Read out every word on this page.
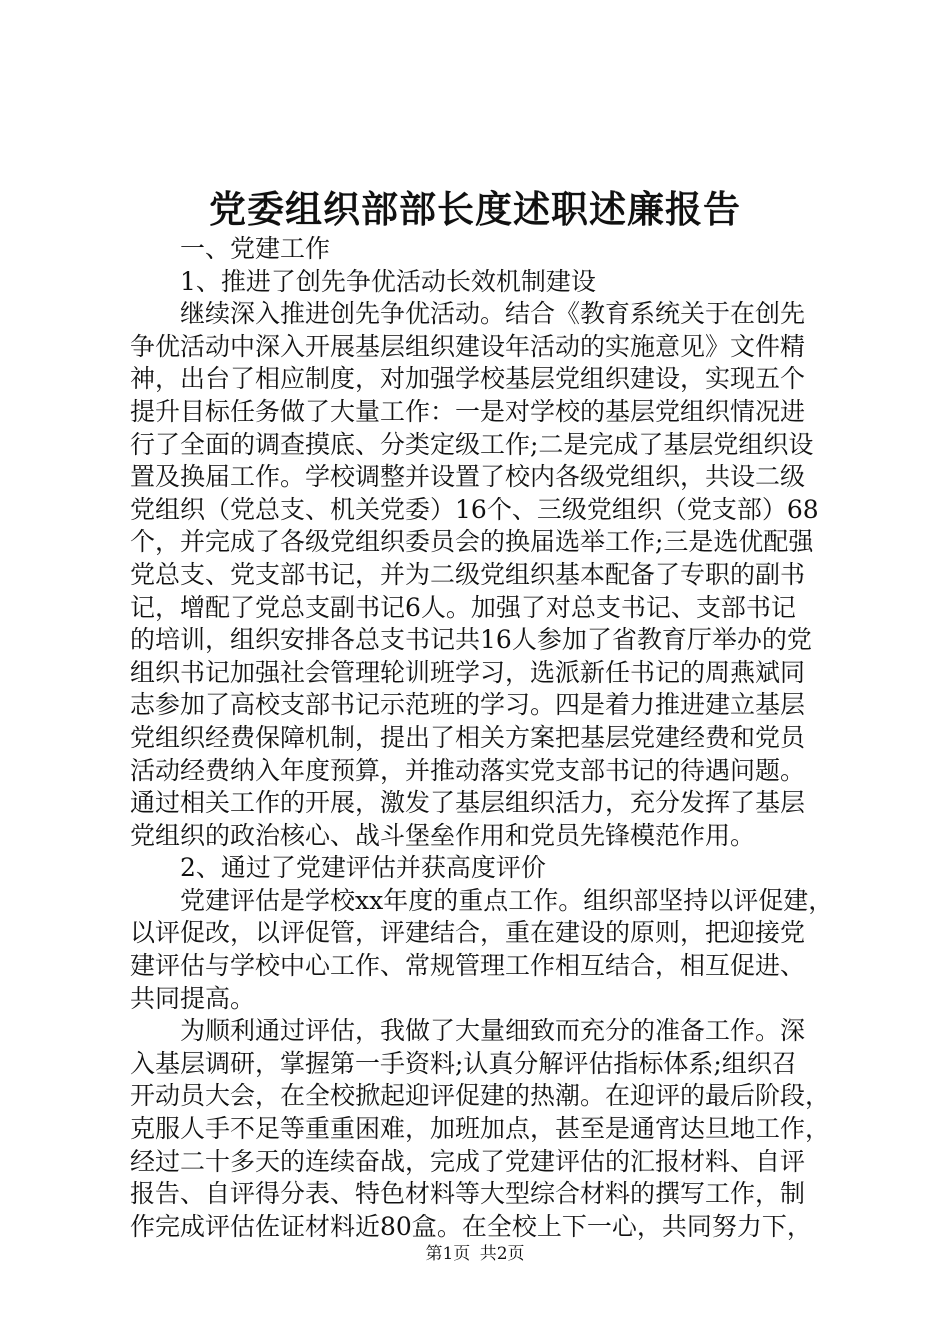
党委组织部部长度述职述廉报告
一、党建工作
1、推进了创先争优活动长效机制建设
继续深入推进创先争优活动。结合《教育系统关于在创先
争优活动中深入开展基层组织建设年活动的实施意见》文件精
神，出台了相应制度，对加强学校基层党组织建设，实现五个
提升目标任务做了大量工作：一是对学校的基层党组织情况进
行了全面的调查摸底、分类定级工作;二是完成了基层党组织设
置及换届工作。学校调整并设置了校内各级党组织，共设二级
党组织（党总支、机关党委）16个、三级党组织（党支部）68
个，并完成了各级党组织委员会的换届选举工作;三是选优配强
党总支、党支部书记，并为二级党组织基本配备了专职的副书
记，增配了党总支副书记6人。加强了对总支书记、支部书记
的培训，组织安排各总支书记共16人参加了省教育厅举办的党
组织书记加强社会管理轮训班学习，选派新任书记的周燕斌同
志参加了高校支部书记示范班的学习。四是着力推进建立基层
党组织经费保障机制，提出了相关方案把基层党建经费和党员
活动经费纳入年度预算，并推动落实党支部书记的待遇问题。
通过相关工作的开展，激发了基层组织活力，充分发挥了基层
党组织的政治核心、战斗堡垒作用和党员先锋模范作用。
2、通过了党建评估并获高度评价
党建评估是学校xx年度的重点工作。组织部坚持以评促建，
以评促改，以评促管，评建结合，重在建设的原则，把迎接党
建评估与学校中心工作、常规管理工作相互结合，相互促进、
共同提高。
为顺利通过评估，我做了大量细致而充分的准备工作。深
入基层调研，掌握第一手资料;认真分解评估指标体系;组织召
开动员大会，在全校掀起迎评促建的热潮。在迎评的最后阶段，
克服人手不足等重重困难，加班加点，甚至是通宵达旦地工作，
经过二十多天的连续奋战，完成了党建评估的汇报材料、自评
报告、自评得分表、特色材料等大型综合材料的撰写工作，制
作完成评估佐证材料近80盒。在全校上下一心，共同努力下，
第1页 共2页
